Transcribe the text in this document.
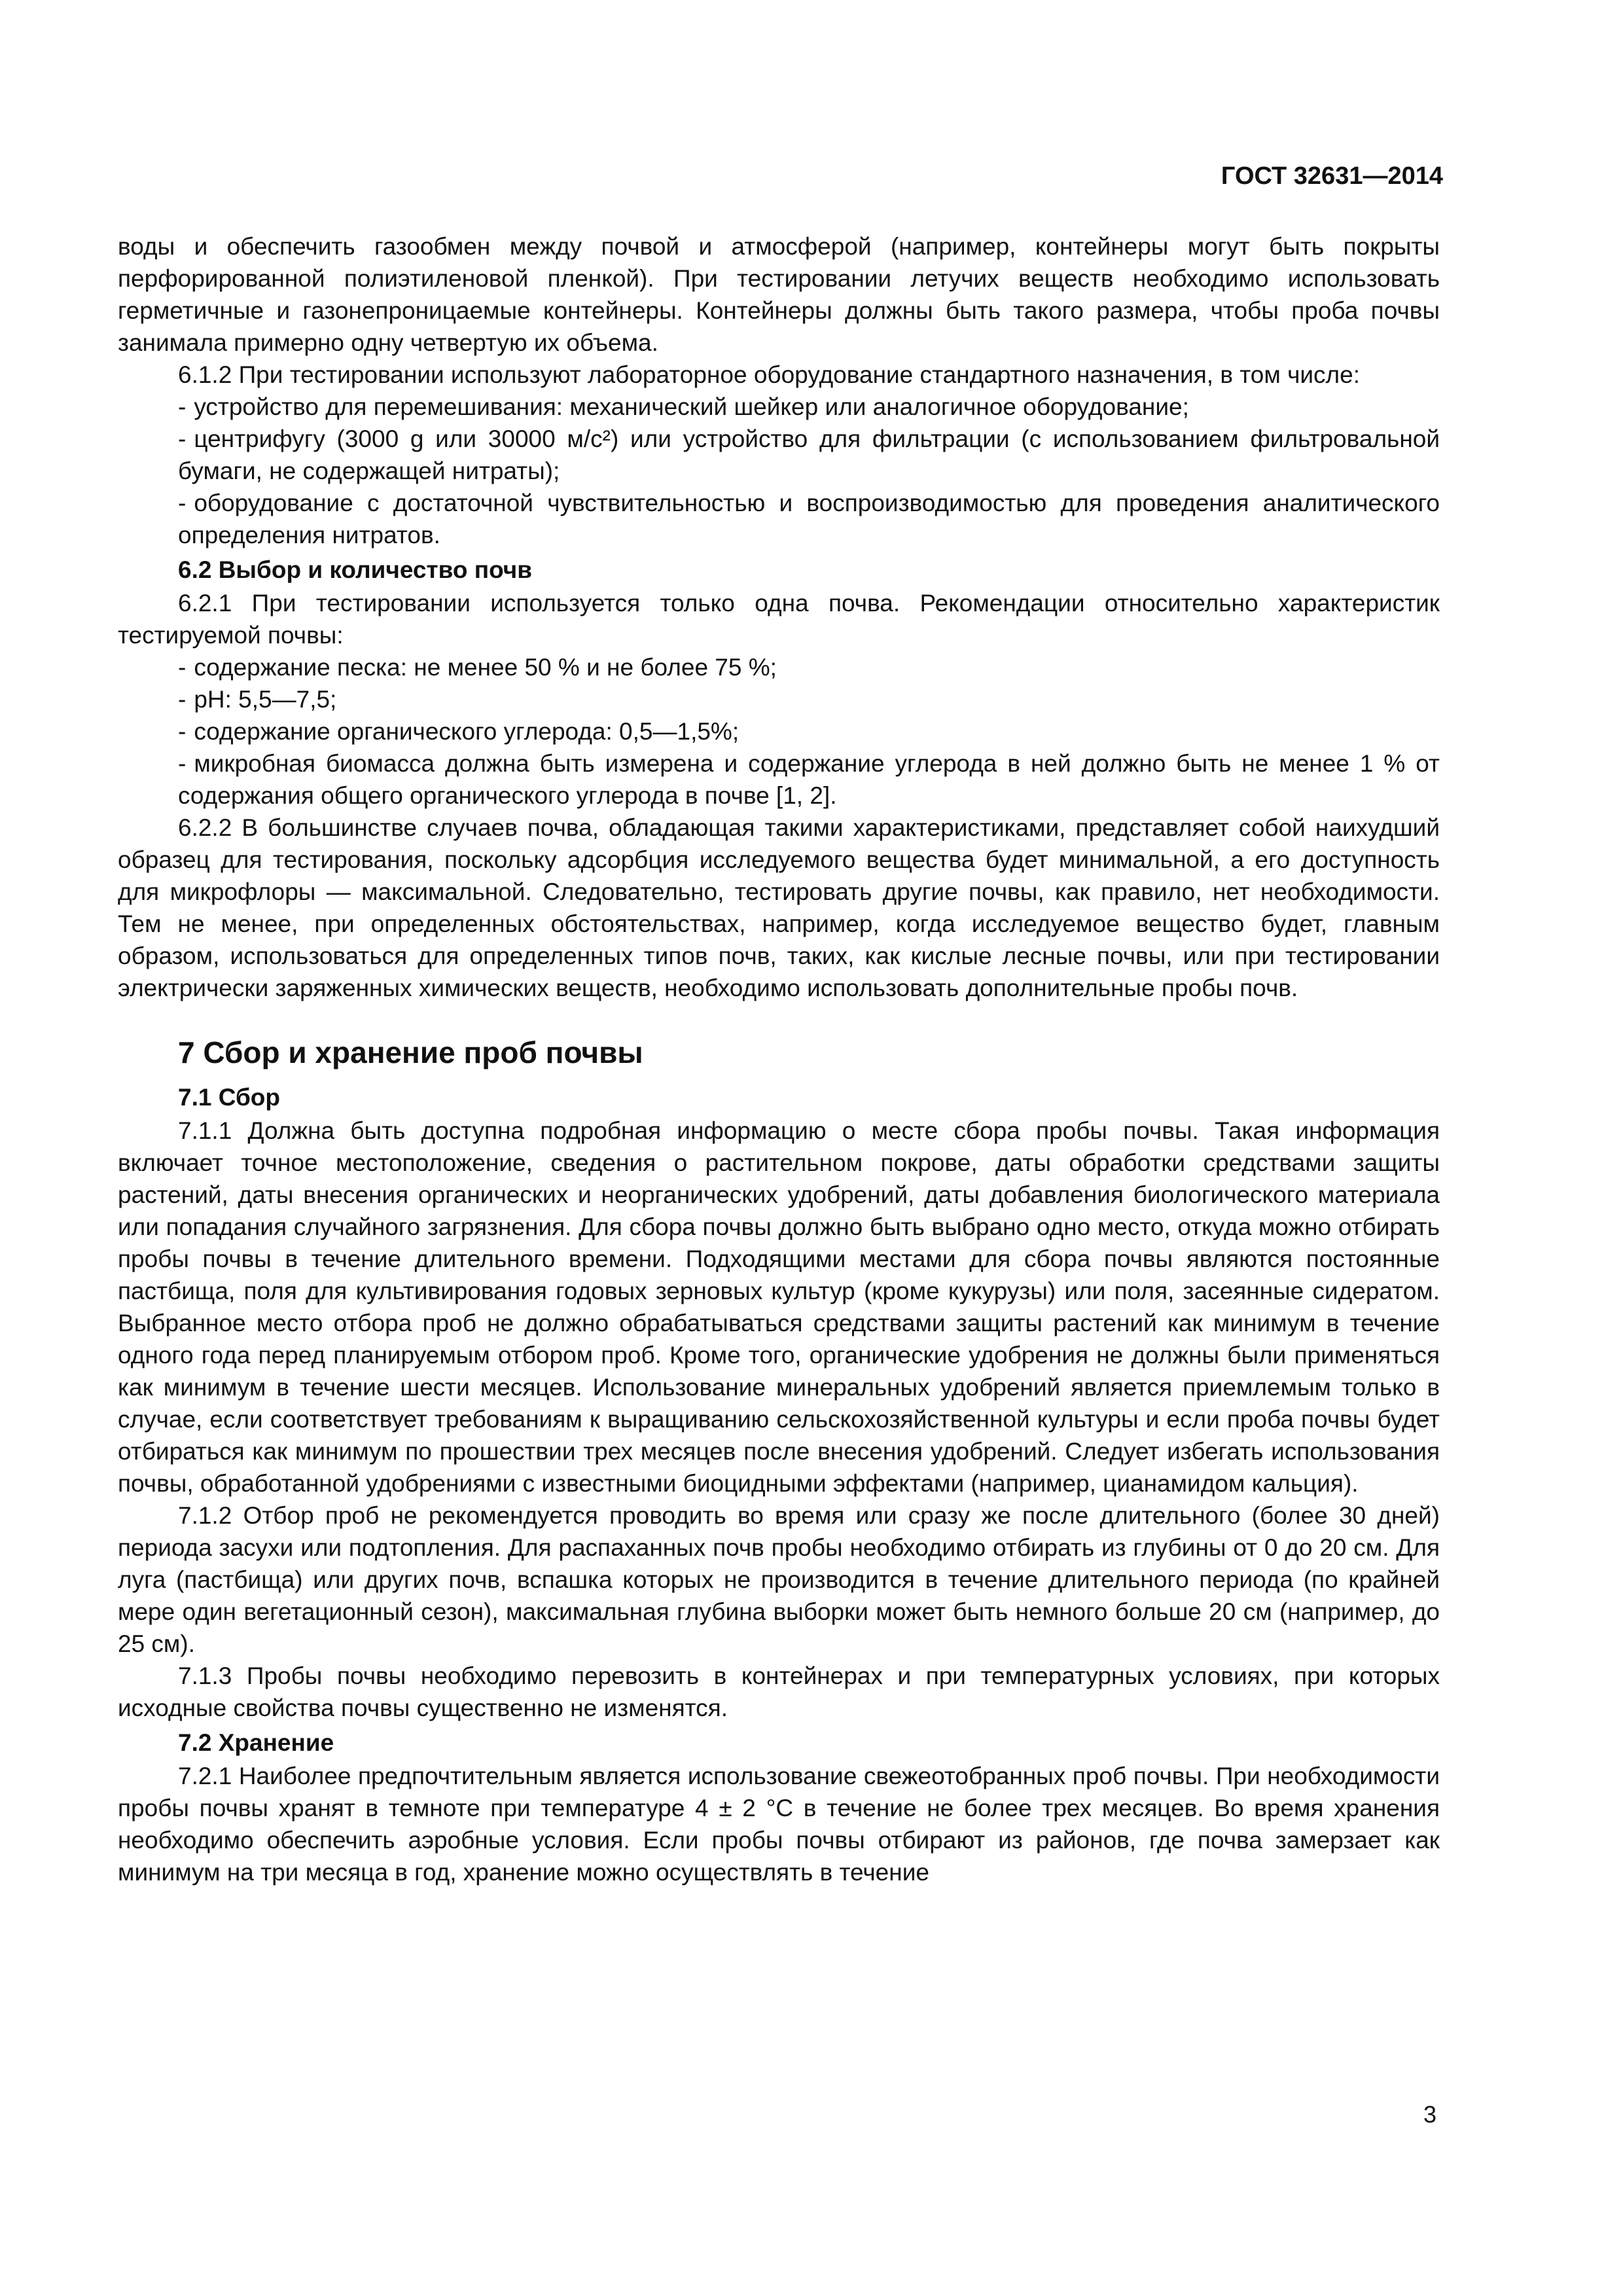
ГОСТ 32631—2014

воды и обеспечить газообмен между почвой и атмосферой (например, контейнеры могут быть покрыты перфорированной полиэтиленовой пленкой). При тестировании летучих веществ необходимо использовать герметичные и газонепроницаемые контейнеры. Контейнеры должны быть такого размера, чтобы проба почвы занимала примерно одну четвертую их объема.

6.1.2 При тестировании используют лабораторное оборудование стандартного назначения, в том числе:

- устройство для перемешивания: механический шейкер или аналогичное оборудование;

- центрифугу (3000 g или 30000 м/с²) или устройство для фильтрации (с использованием фильтровальной бумаги, не содержащей нитраты);

- оборудование с достаточной чувствительностью и воспроизводимостью для проведения аналитического определения нитратов.

6.2 Выбор и количество почв

6.2.1 При тестировании используется только одна почва. Рекомендации относительно характеристик тестируемой почвы:

- содержание песка: не менее 50 % и не более 75 %;

- pH: 5,5—7,5;

- содержание органического углерода: 0,5—1,5%;

- микробная биомасса должна быть измерена и содержание углерода в ней должно быть не менее 1 % от содержания общего органического углерода в почве [1, 2].

6.2.2 В большинстве случаев почва, обладающая такими характеристиками, представляет собой наихудший образец для тестирования, поскольку адсорбция исследуемого вещества будет минимальной, а его доступность для микрофлоры — максимальной. Следовательно, тестировать другие почвы, как правило, нет необходимости. Тем не менее, при определенных обстоятельствах, например, когда исследуемое вещество будет, главным образом, использоваться для определенных типов почв, таких, как кислые лесные почвы, или при тестировании электрически заряженных химических веществ, необходимо использовать дополнительные пробы почв.

7 Сбор и хранение проб почвы

7.1 Сбор

7.1.1 Должна быть доступна подробная информацию о месте сбора пробы почвы. Такая информация включает точное местоположение, сведения о растительном покрове, даты обработки средствами защиты растений, даты внесения органических и неорганических удобрений, даты добавления биологического материала или попадания случайного загрязнения. Для сбора почвы должно быть выбрано одно место, откуда можно отбирать пробы почвы в течение длительного времени. Подходящими местами для сбора почвы являются постоянные пастбища, поля для культивирования годовых зерновых культур (кроме кукурузы) или поля, засеянные сидератом. Выбранное место отбора проб не должно обрабатываться средствами защиты растений как минимум в течение одного года перед планируемым отбором проб. Кроме того, органические удобрения не должны были применяться как минимум в течение шести месяцев. Использование минеральных удобрений является приемлемым только в случае, если соответствует требованиям к выращиванию сельскохозяйственной культуры и если проба почвы будет отбираться как минимум по прошествии трех месяцев после внесения удобрений. Следует избегать использования почвы, обработанной удобрениями с известными биоцидными эффектами (например, цианамидом кальция).

7.1.2 Отбор проб не рекомендуется проводить во время или сразу же после длительного (более 30 дней) периода засухи или подтопления. Для распаханных почв пробы необходимо отбирать из глубины от 0 до 20 см. Для луга (пастбища) или других почв, вспашка которых не производится в течение длительного периода (по крайней мере один вегетационный сезон), максимальная глубина выборки может быть немного больше 20 см (например, до 25 см).

7.1.3 Пробы почвы необходимо перевозить в контейнерах и при температурных условиях, при которых исходные свойства почвы существенно не изменятся.

7.2 Хранение

7.2.1 Наиболее предпочтительным является использование свежеотобранных проб почвы. При необходимости пробы почвы хранят в темноте при температуре 4 ± 2 °С в течение не более трех месяцев. Во время хранения необходимо обеспечить аэробные условия. Если пробы почвы отбирают из районов, где почва замерзает как минимум на три месяца в год, хранение можно осуществлять в течение

3
